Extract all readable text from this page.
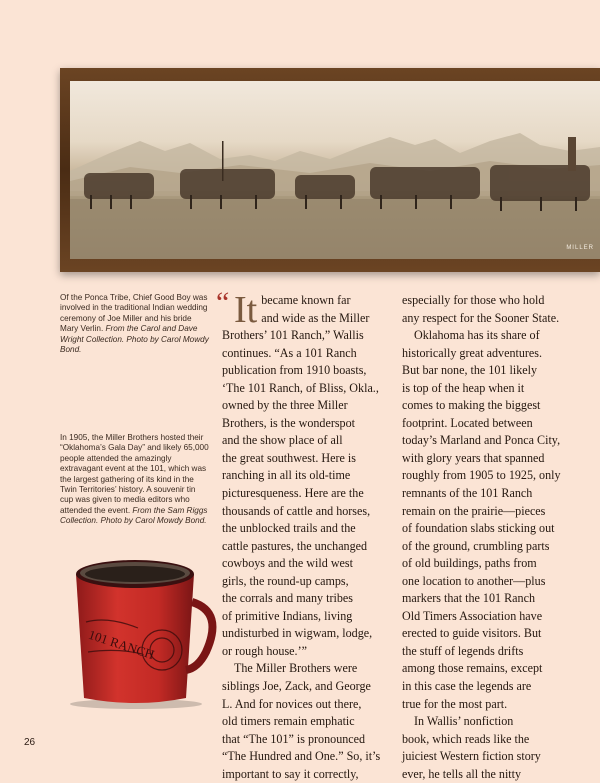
MILLER
Of the Ponca Tribe, Chief Good Boy was involved in the traditional Indian wedding ceremony of Joe Miller and his bride Mary Verlin. From the Carol and Dave Wright Collection. Photo by Carol Mowdy Bond.
In 1905, the Miller Brothers hosted their “Oklahoma’s Gala Day” and likely 65,000 people attended the amazingly extravagant event at the 101, which was the largest gathering of its kind in the Twin Territories’ history. A souvenir tin cup was given to media editors who attended the event. From the Sam Riggs Collection. Photo by Carol Mowdy Bond.
101 RANCH
“ It became known far
and wide as the Miller
Brothers’ 101 Ranch,” Wallis
continues. “As a 101 Ranch
publication from 1910 boasts,
‘The 101 Ranch, of Bliss, Okla.,
owned by the three Miller
Brothers, is the wonderspot
and the show place of all
the great southwest. Here is
ranching in all its old-time
picturesqueness. Here are the
thousands of cattle and horses,
the unblocked trails and the
cattle pastures, the unchanged
cowboys and the wild west
girls, the round-up camps,
the corrals and many tribes
of primitive Indians, living
undisturbed in wigwam, lodge,
or rough house.’”
The Miller Brothers were
siblings Joe, Zack, and George
L. And for novices out there,
old timers remain emphatic
that “The 101” is pronounced
“The Hundred and One.” So, it’s
important to say it correctly,
especially for those who hold
any respect for the Sooner State.
Oklahoma has its share of
historically great adventures.
But bar none, the 101 likely
is top of the heap when it
comes to making the biggest
footprint. Located between
today’s Marland and Ponca City,
with glory years that spanned
roughly from 1905 to 1925, only
remnants of the 101 Ranch
remain on the prairie—pieces
of foundation slabs sticking out
of the ground, crumbling parts
of old buildings, paths from
one location to another—plus
markers that the 101 Ranch
Old Timers Association have
erected to guide visitors. But
the stuff of legends drifts
among those remains, except
in this case the legends are
true for the most part.
In Wallis’ nonfiction
book, which reads like the
juiciest Western fiction story
ever, he tells all the nitty
26
